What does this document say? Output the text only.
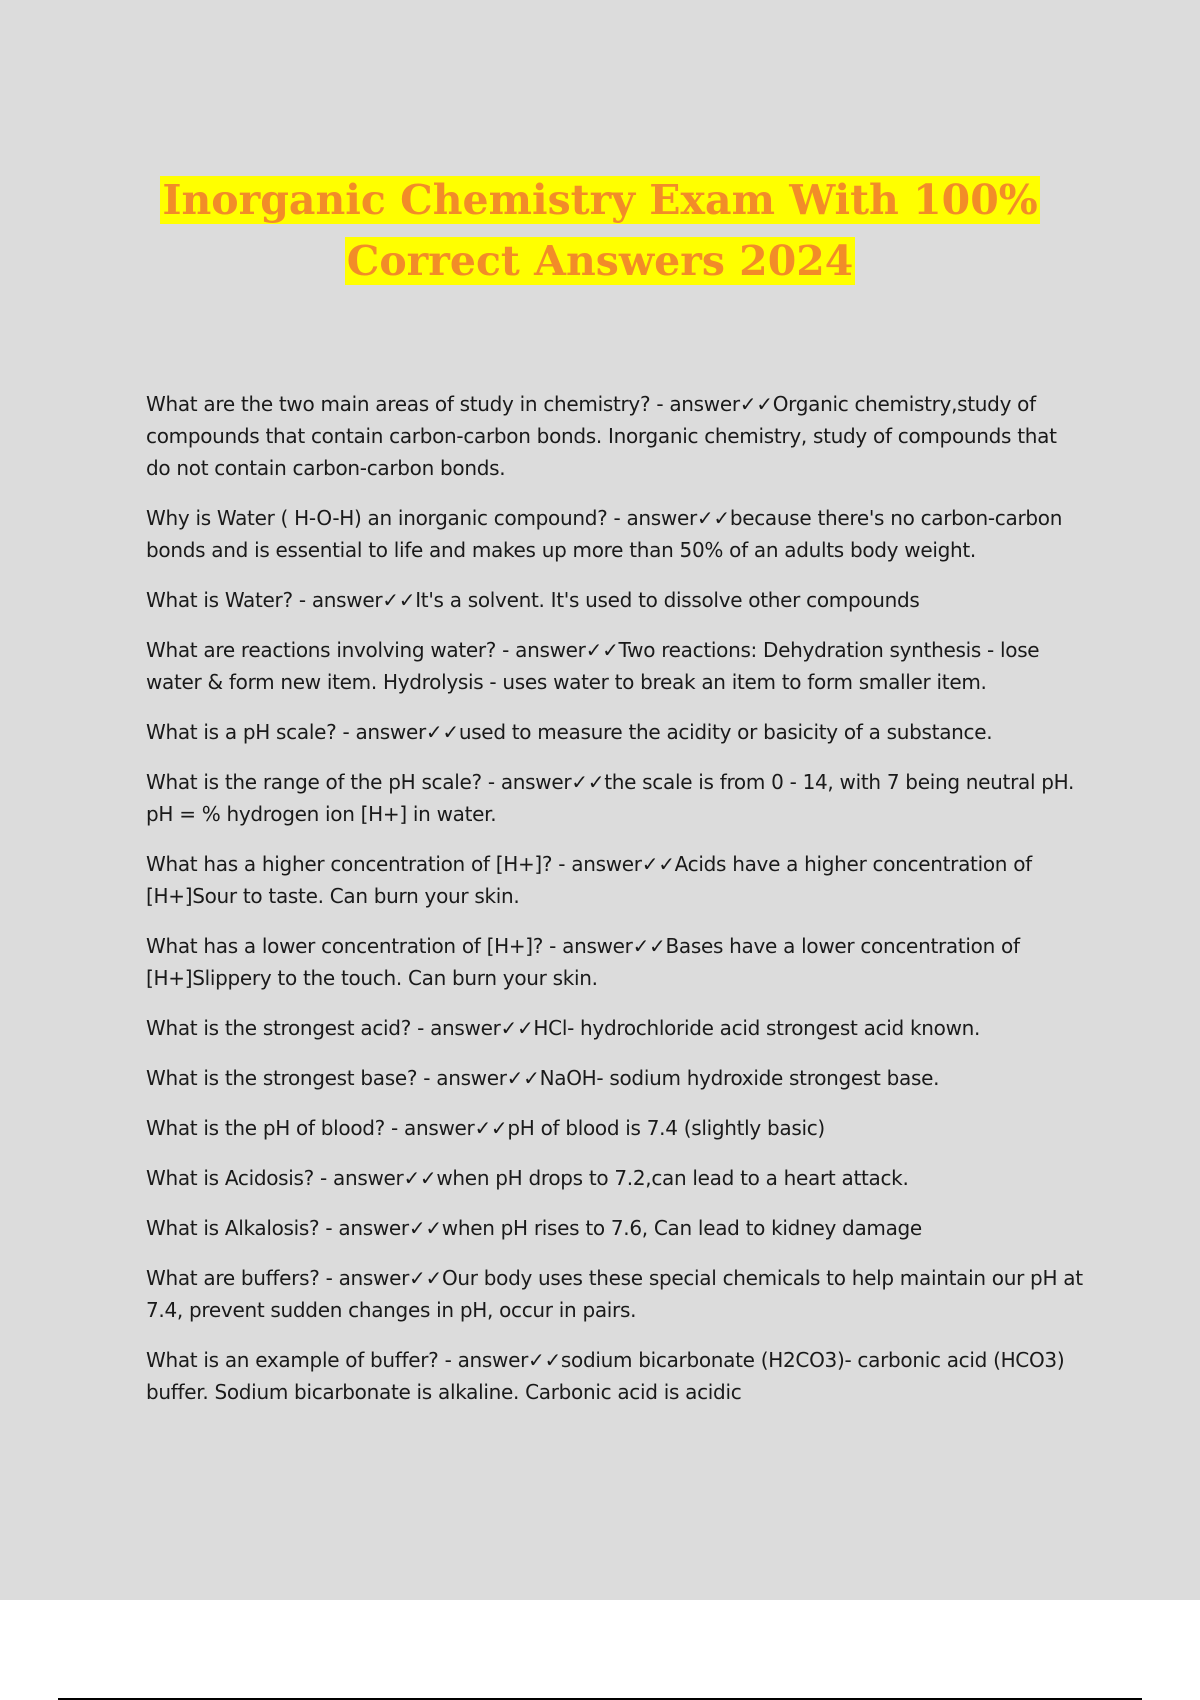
Inorganic Chemistry Exam With 100%
Correct Answers 2024

What are the two main areas of study in chemistry? - answer✓✓Organic chemistry,study of compounds that contain carbon-carbon bonds. Inorganic chemistry, study of compounds that do not contain carbon-carbon bonds.

Why is Water ( H-O-H) an inorganic compound? - answer✓✓because there's no carbon-carbon bonds and is essential to life and makes up more than 50% of an adults body weight.

What is Water? - answer✓✓It's a solvent. It's used to dissolve other compounds

What are reactions involving water? - answer✓✓Two reactions: Dehydration synthesis - lose water & form new item. Hydrolysis - uses water to break an item to form smaller item.

What is a pH scale? - answer✓✓used to measure the acidity or basicity of a substance.

What is the range of the pH scale? - answer✓✓the scale is from 0 - 14, with 7 being neutral pH. pH = % hydrogen ion [H+] in water.

What has a higher concentration of [H+]? - answer✓✓Acids have a higher concentration of [H+]Sour to taste. Can burn your skin.

What has a lower concentration of [H+]? - answer✓✓Bases have a lower concentration of [H+]Slippery to the touch. Can burn your skin.

What is the strongest acid? - answer✓✓HCl- hydrochloride acid strongest acid known.

What is the strongest base? - answer✓✓NaOH- sodium hydroxide strongest base.

What is the pH of blood? - answer✓✓pH of blood is 7.4 (slightly basic)

What is Acidosis? - answer✓✓when pH drops to 7.2,can lead to a heart attack.

What is Alkalosis? - answer✓✓when pH rises to 7.6, Can lead to kidney damage

What are buffers? - answer✓✓Our body uses these special chemicals to help maintain our pH at 7.4, prevent sudden changes in pH, occur in pairs.

What is an example of buffer? - answer✓✓sodium bicarbonate (H2CO3)- carbonic acid (HCO3) buffer. Sodium bicarbonate is alkaline. Carbonic acid is acidic
